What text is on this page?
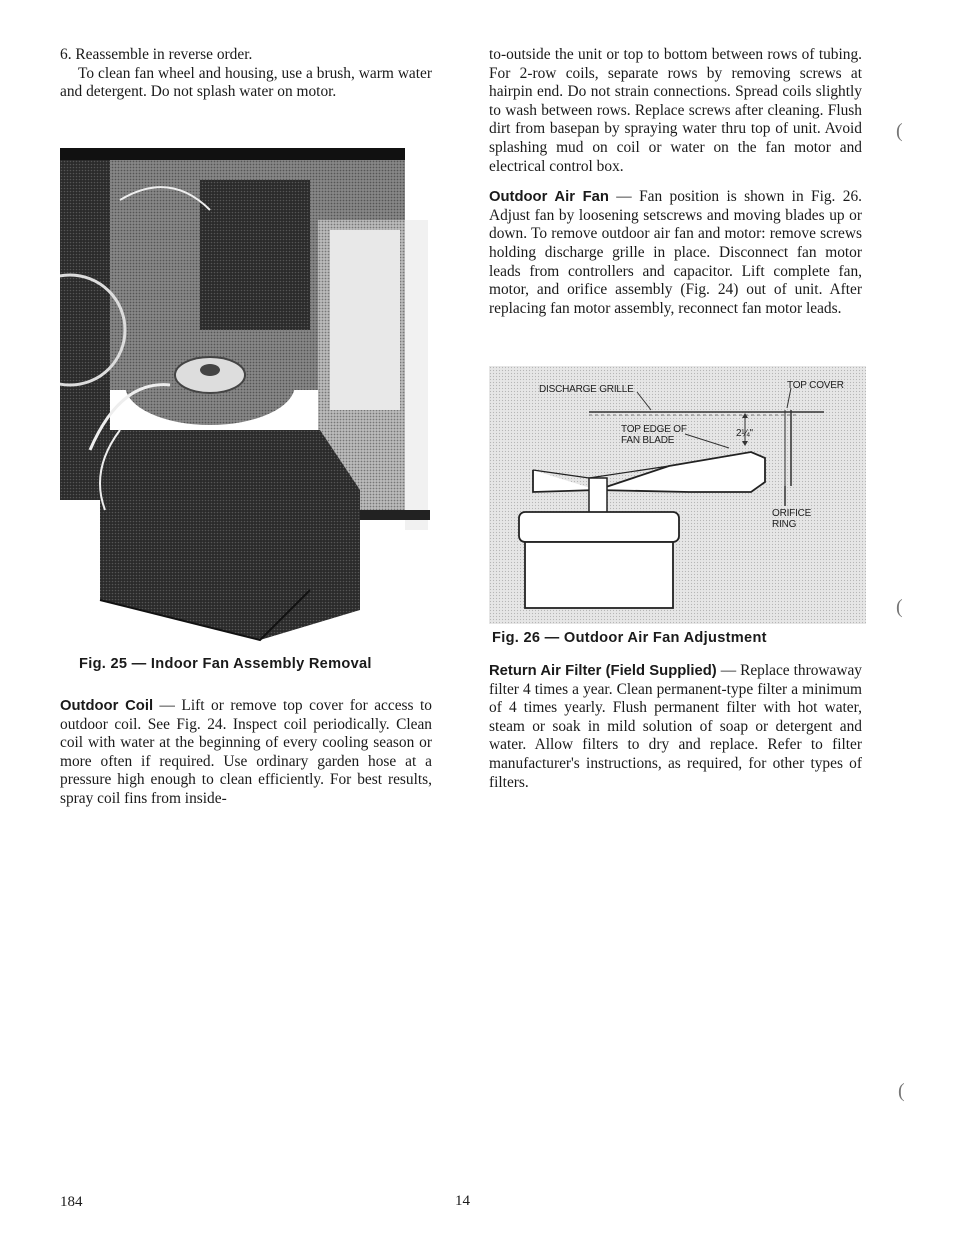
6. Reassemble in reverse order.

To clean fan wheel and housing, use a brush, warm water and detergent. Do not splash water on motor.

Fig. 25 — Indoor Fan Assembly Removal

Outdoor Coil — Lift or remove top cover for access to outdoor coil. See Fig. 24. Inspect coil periodically. Clean coil with water at the beginning of every cooling season or more often if required. Use ordinary garden hose at a pressure high enough to clean efficiently. For best results, spray coil fins from inside-

to-outside the unit or top to bottom between rows of tubing. For 2-row coils, separate rows by removing screws at hairpin end. Do not strain connections. Spread coils slightly to wash between rows. Replace screws after cleaning. Flush dirt from basepan by spraying water thru top of unit. Avoid splashing mud on coil or water on the fan motor and electrical control box.

Outdoor Air Fan — Fan position is shown in Fig. 26. Adjust fan by loosening setscrews and moving blades up or down. To remove outdoor air fan and motor: remove screws holding discharge grille in place. Disconnect fan motor leads from controllers and capacitor. Lift complete fan, motor, and orifice assembly (Fig. 24) out of unit. After replacing fan motor assembly, reconnect fan motor leads.

2¼"
DISCHARGE GRILLE	TOP COVER
TOP EDGE OF
FAN BLADE
ORIFICE
RING
Fig. 26 — Outdoor Air Fan Adjustment

Return Air Filter (Field Supplied) — Replace throwaway filter 4 times a year. Clean permanent-type filter a minimum of 4 times yearly. Flush permanent filter with hot water, steam or soak in mild solution of soap or detergent and water. Allow filters to dry and replace. Refer to filter manufacturer's instructions, as required, for other types of filters.

(
(
(
184	14
